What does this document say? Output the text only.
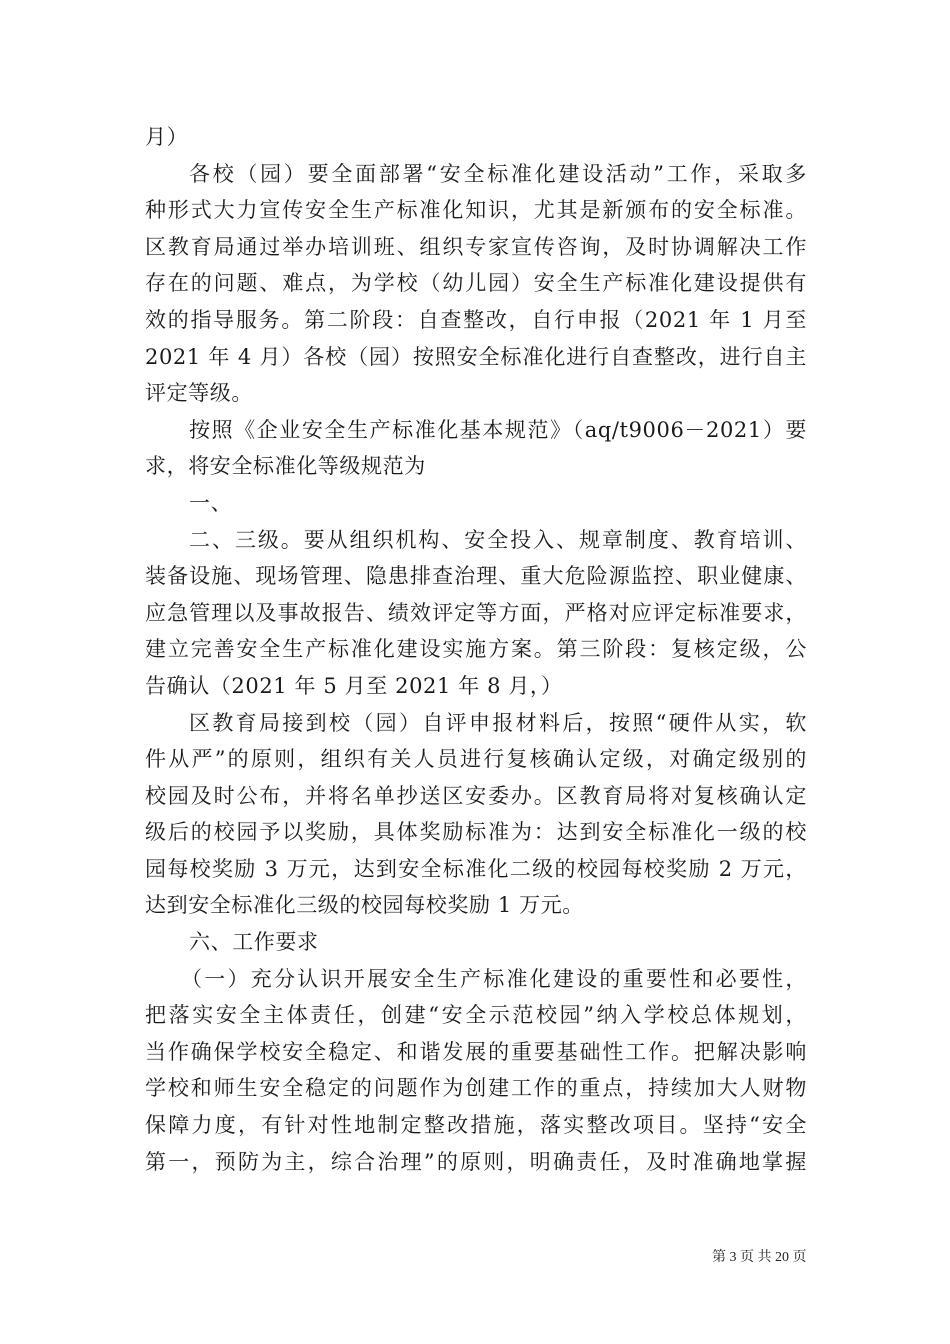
月）
各校（园）要全面部署“安全标准化建设活动”工作，采取多
种形式大力宣传安全生产标准化知识，尤其是新颁布的安全标准。
区教育局通过举办培训班、组织专家宣传咨询，及时协调解决工作
存在的问题、难点，为学校（幼儿园）安全生产标准化建设提供有
效的指导服务。第二阶段：自查整改，自行申报（2021 年 1 月至
2021 年 4 月）各校（园）按照安全标准化进行自查整改，进行自主
评定等级。
按照《企业安全生产标准化基本规范》（aq/t9006－2021）要
求，将安全标准化等级规范为
一、
二、三级。要从组织机构、安全投入、规章制度、教育培训、
装备设施、现场管理、隐患排查治理、重大危险源监控、职业健康、
应急管理以及事故报告、绩效评定等方面，严格对应评定标准要求，
建立完善安全生产标准化建设实施方案。第三阶段：复核定级，公
告确认（2021 年 5 月至 2021 年 8 月，）
区教育局接到校（园）自评申报材料后，按照“硬件从实，软
件从严”的原则，组织有关人员进行复核确认定级，对确定级别的
校园及时公布，并将名单抄送区安委办。区教育局将对复核确认定
级后的校园予以奖励，具体奖励标准为：达到安全标准化一级的校
园每校奖励 3 万元，达到安全标准化二级的校园每校奖励 2 万元，
达到安全标准化三级的校园每校奖励 1 万元。
六、工作要求
（一）充分认识开展安全生产标准化建设的重要性和必要性，
把落实安全主体责任，创建“安全示范校园”纳入学校总体规划，
当作确保学校安全稳定、和谐发展的重要基础性工作。把解决影响
学校和师生安全稳定的问题作为创建工作的重点，持续加大人财物
保障力度，有针对性地制定整改措施，落实整改项目。坚持“安全
第一，预防为主，综合治理”的原则，明确责任，及时准确地掌握
第 3 页 共 20 页
